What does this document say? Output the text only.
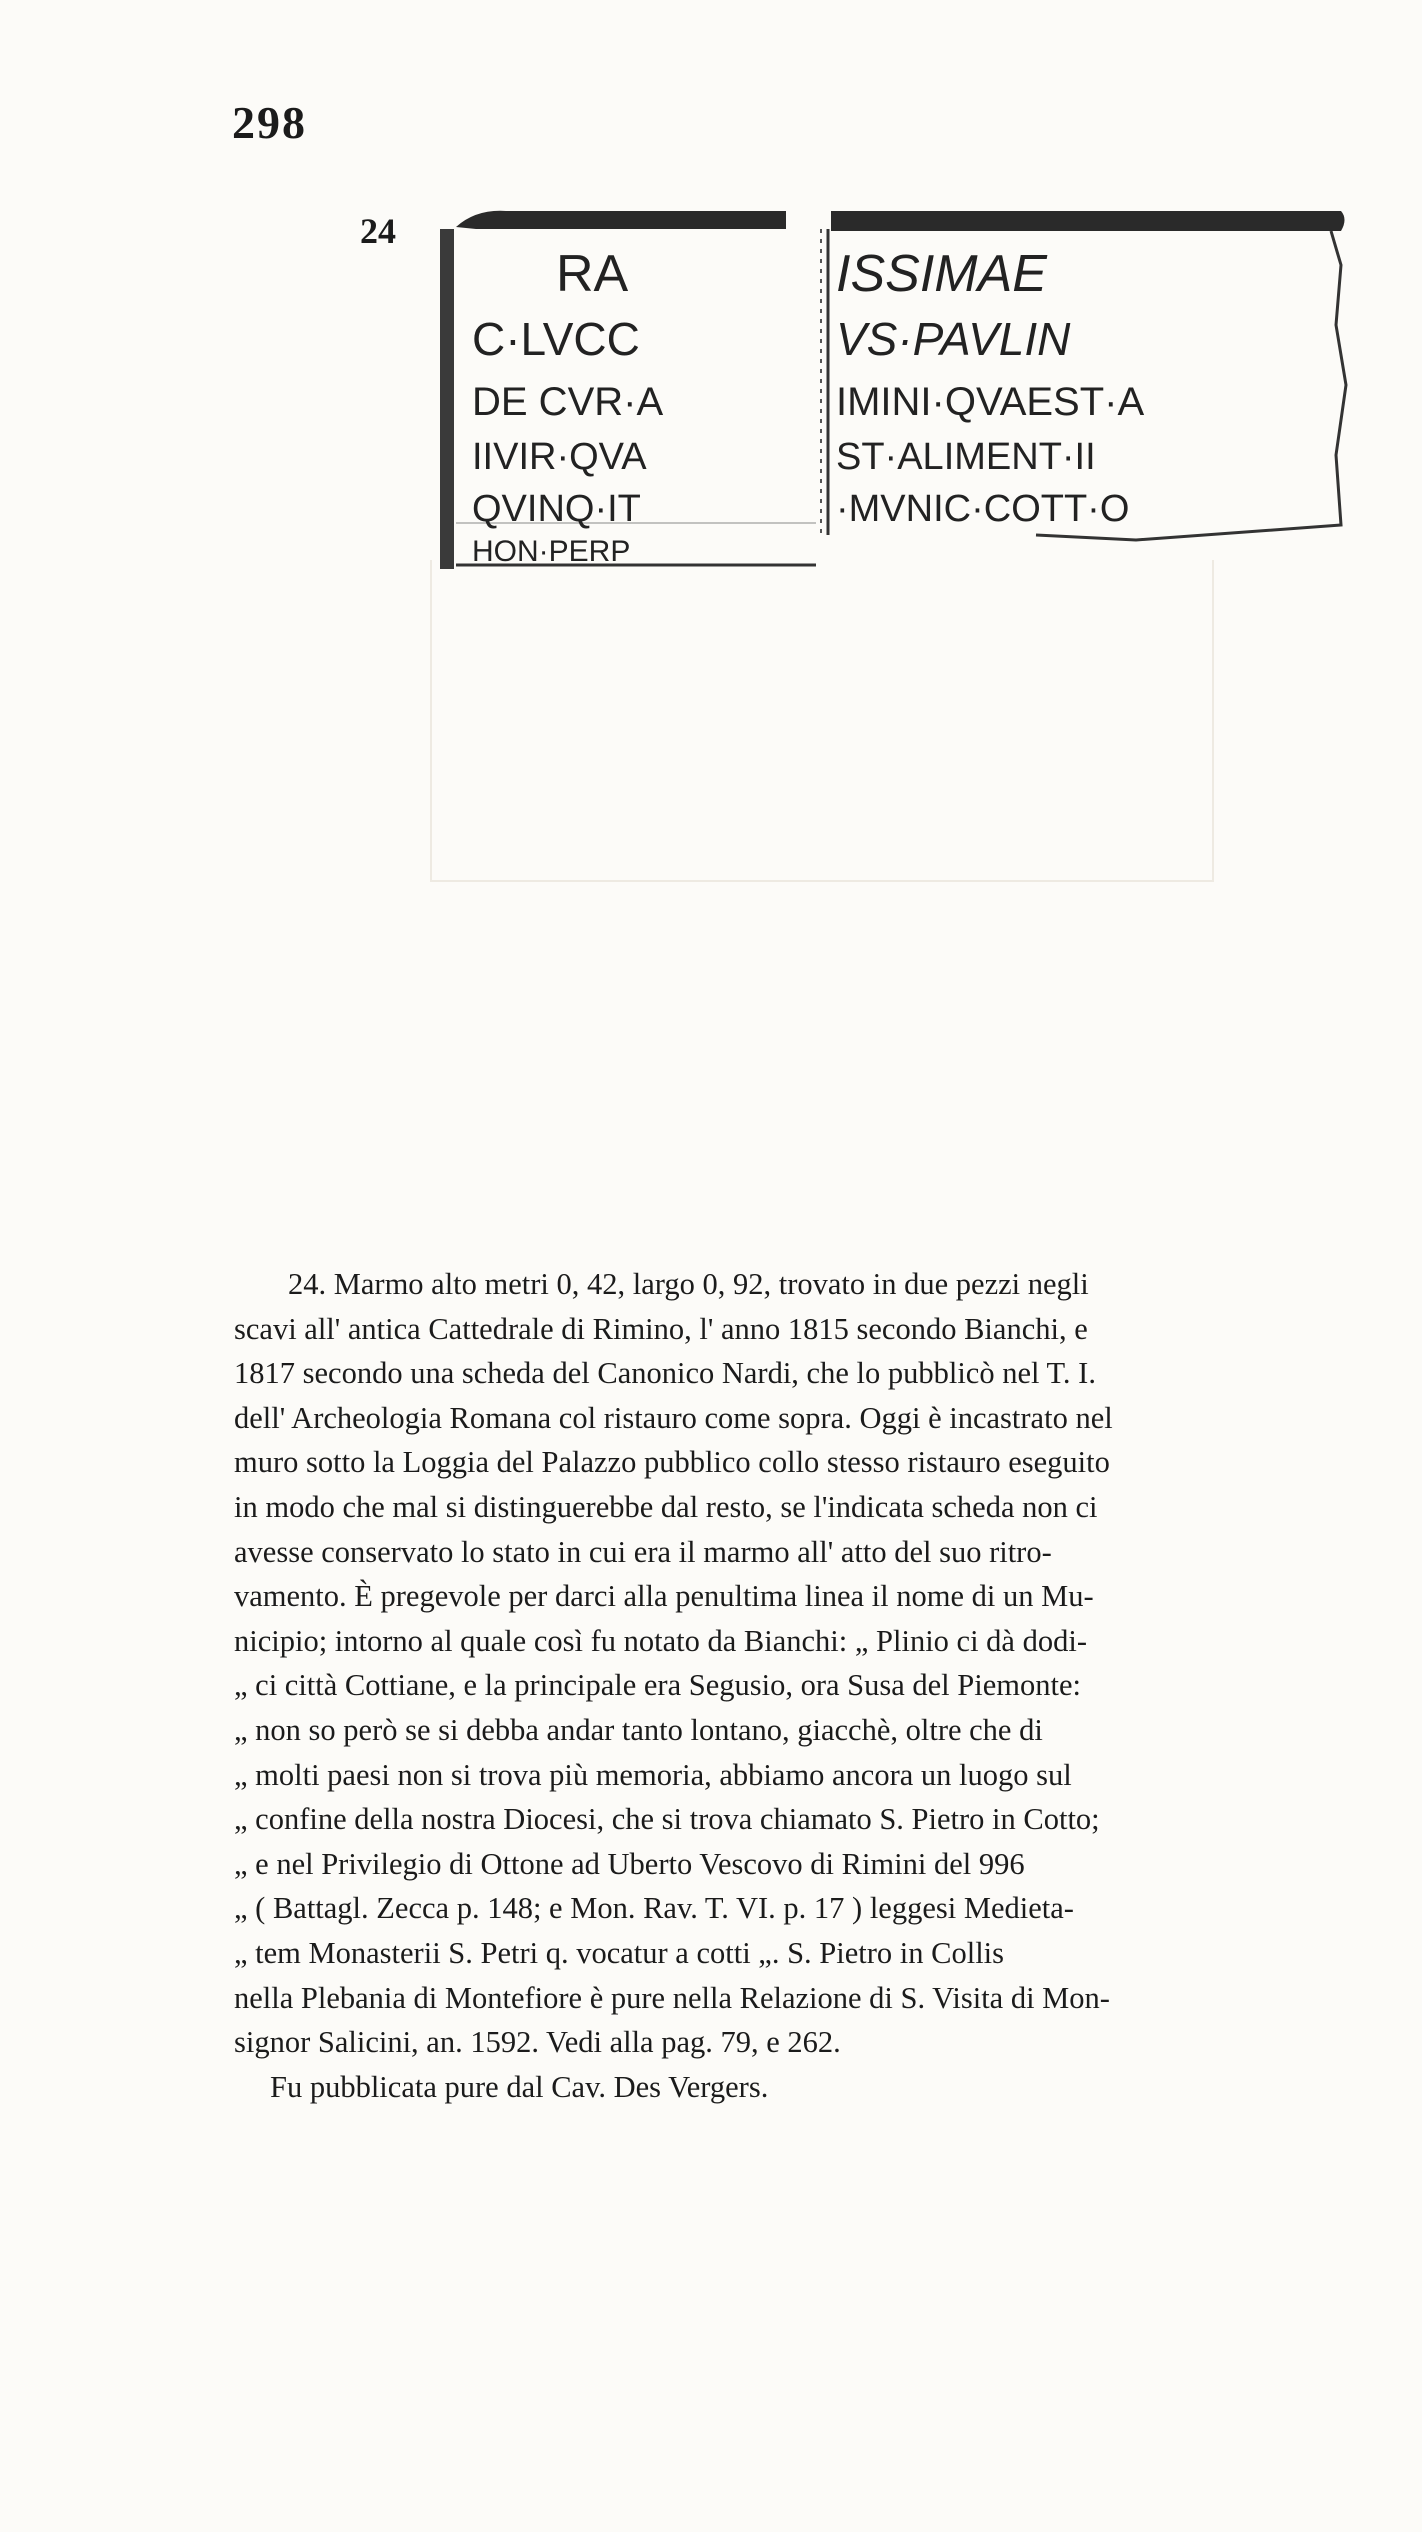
298
24
RA
C·LVCC
DE CVR·A
IIVIR·QVA
QVINQ·IT
HON·PERP
ISSIMAE
VS·PAVLIN
IMINI·QVAEST·A
ST·ALIMENT·II
·MVNIC·COTT·O

24. Marmo alto metri 0, 42, largo 0, 92, trovato in due pezzi negli
scavi all' antica Cattedrale di Rimino, l' anno 1815 secondo Bianchi, e
1817 secondo una scheda del Canonico Nardi, che lo pubblicò nel T. I.
dell' Archeologia Romana col ristauro come sopra. Oggi è incastrato nel
muro sotto la Loggia del Palazzo pubblico collo stesso ristauro eseguito
in modo che mal si distinguerebbe dal resto, se l'indicata scheda non ci
avesse conservato lo stato in cui era il marmo all' atto del suo ritro-
vamento. È pregevole per darci alla penultima linea il nome di un Mu-
nicipio; intorno al quale così fu notato da Bianchi: „ Plinio ci dà dodi-
„ ci città Cottiane, e la principale era Segusio, ora Susa del Piemonte:
„ non so però se si debba andar tanto lontano, giacchè, oltre che di
„ molti paesi non si trova più memoria, abbiamo ancora un luogo sul
„ confine della nostra Diocesi, che si trova chiamato S. Pietro in Cotto;
„ e nel Privilegio di Ottone ad Uberto Vescovo di Rimini del 996
„ ( Battagl. Zecca p. 148; e Mon. Rav. T. VI. p. 17 ) leggesi Medieta-
„ tem Monasterii S. Petri q. vocatur a cotti „. S. Pietro in Collis
nella Plebania di Montefiore è pure nella Relazione di S. Visita di Mon-
signor Salicini, an. 1592. Vedi alla pag. 79, e 262.
Fu pubblicata pure dal Cav. Des Vergers.
